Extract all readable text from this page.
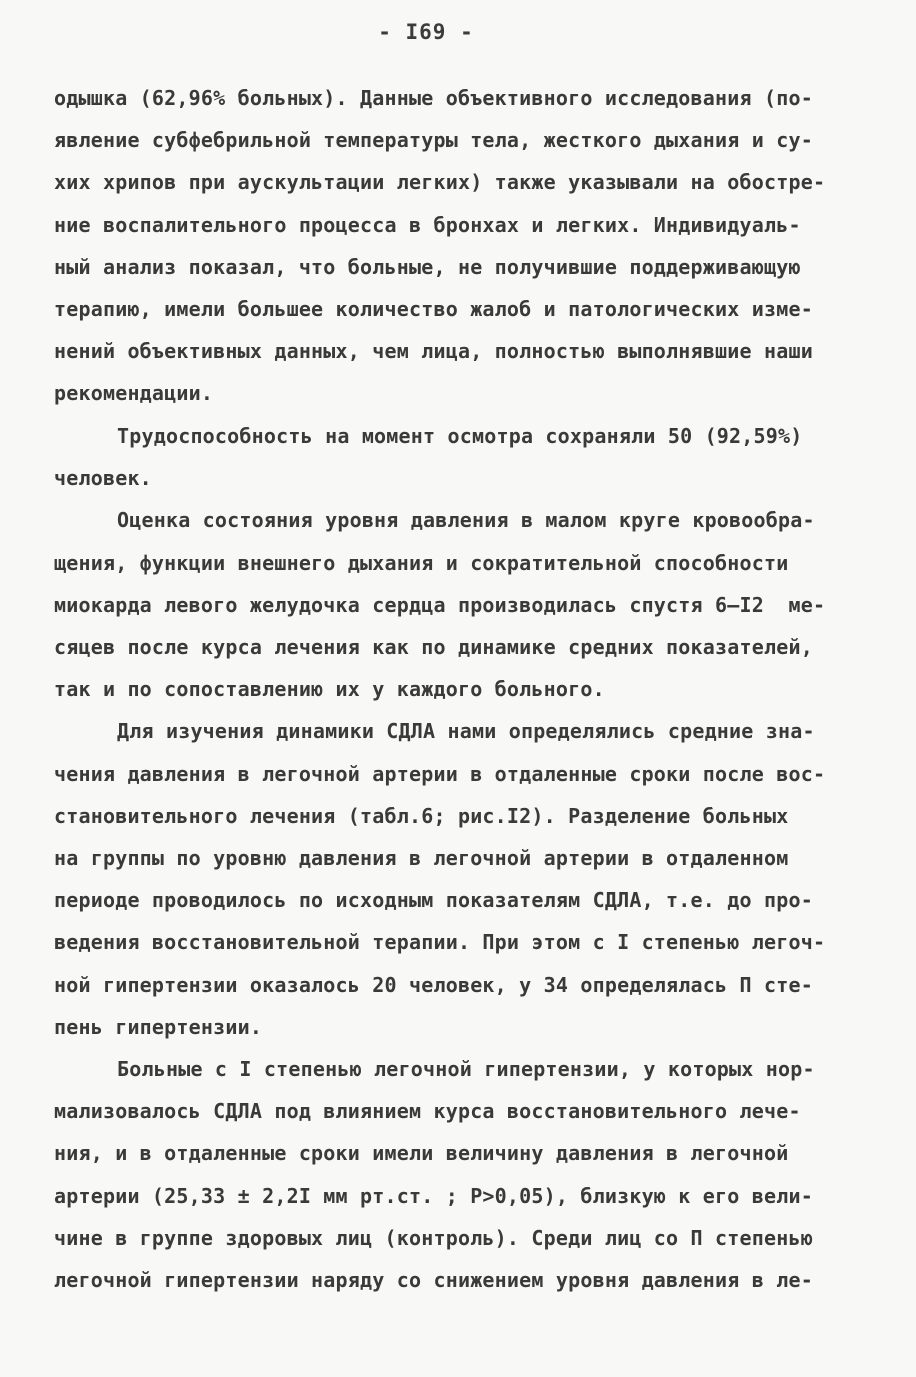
- I69 -
одышка (62,96% больных). Данные объективного исследования (по-
явление субфебрильной температуры тела, жесткого дыхания и су-
хих хрипов при аускультации легких) также указывали на обостре-
ние воспалительного процесса в бронхах и легких. Индивидуаль-
ный анализ показал, что больные, не получившие поддерживающую
терапию, имели большее количество жалоб и патологических изме-
нений объективных данных, чем лица, полностью выполнявшие наши
рекомендации.
Трудоспособность на момент осмотра сохраняли 50 (92,59%)
человек.
Оценка состояния уровня давления в малом круге кровообра-
щения, функции внешнего дыхания и сократительной способности
миокарда левого желудочка сердца производилась спустя 6–I2  ме-
сяцев после курса лечения как по динамике средних показателей,
так и по сопоставлению их у каждого больного.
Для изучения динамики СДЛА нами определялись средние зна-
чения давления в легочной артерии в отдаленные сроки после вос-
становительного лечения (табл.6; рис.I2). Разделение больных
на группы по уровню давления в легочной артерии в отдаленном
периоде проводилось по исходным показателям СДЛА, т.е. до про-
ведения восстановительной терапии. При этом с I степенью легоч-
ной гипертензии оказалось 20 человек, у 34 определялась П сте-
пень гипертензии.
Больные с I степенью легочной гипертензии, у которых нор-
мализовалось СДЛА под влиянием курса восстановительного лече-
ния, и в отдаленные сроки имели величину давления в легочной
артерии (25,33 ± 2,2I мм рт.ст. ; P>0,05), близкую к его вели-
чине в группе здоровых лиц (контроль). Среди лиц со П степенью
легочной гипертензии наряду со снижением уровня давления в ле-
